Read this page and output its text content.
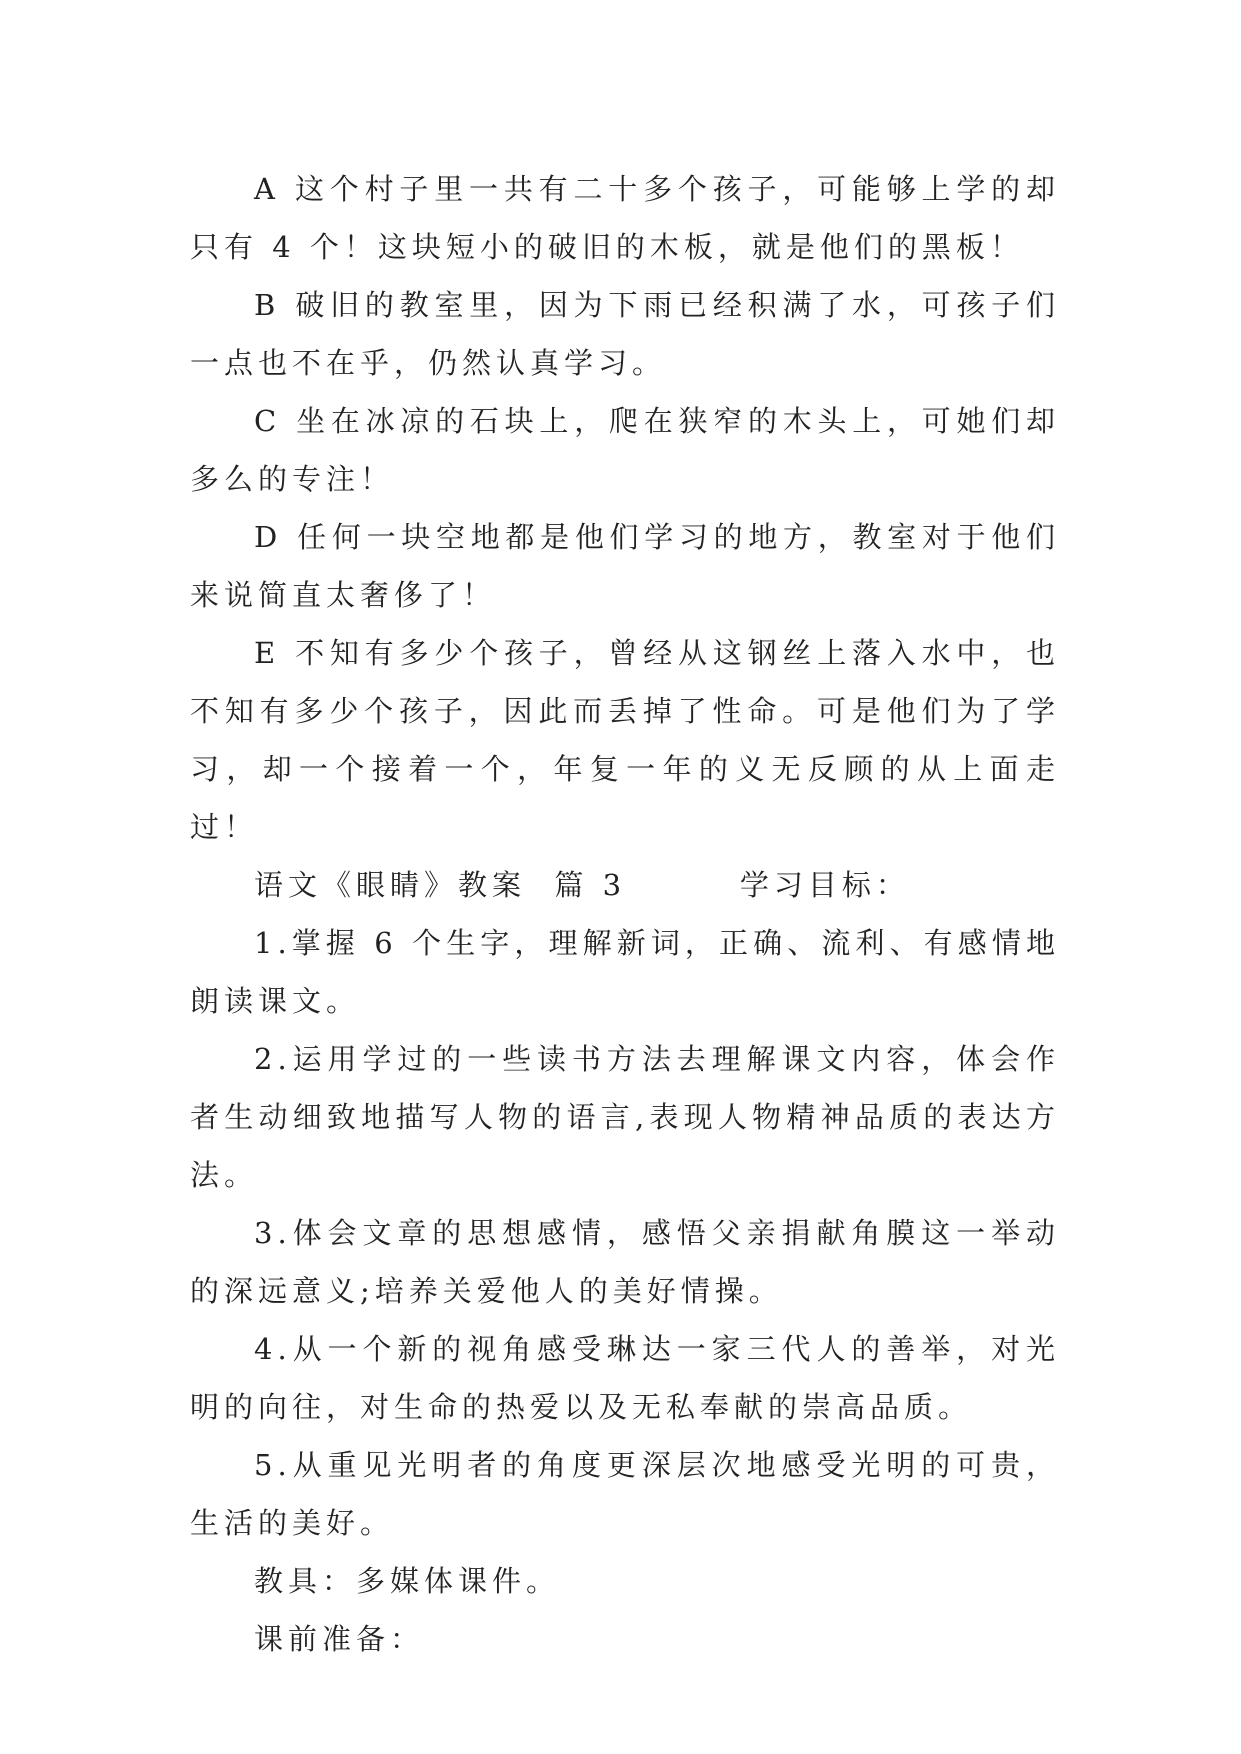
A 这个村子里一共有二十多个孩子，可能够上学的却只有 4 个！这块短小的破旧的木板，就是他们的黑板！

B 破旧的教室里，因为下雨已经积满了水，可孩子们一点也不在乎，仍然认真学习。

C 坐在冰凉的石块上，爬在狭窄的木头上，可她们却多么的专注！

D 任何一块空地都是他们学习的地方，教室对于他们来说简直太奢侈了！

E 不知有多少个孩子，曾经从这钢丝上落入水中，也不知有多少个孩子，因此而丢掉了性命。可是他们为了学习，却一个接着一个，年复一年的义无反顾的从上面走过！

语文《眼睛》教案  篇 3	学习目标：

1.掌握 6 个生字，理解新词，正确、流利、有感情地朗读课文。

2.运用学过的一些读书方法去理解课文内容，体会作者生动细致地描写人物的语言,表现人物精神品质的表达方法。

3.体会文章的思想感情，感悟父亲捐献角膜这一举动的深远意义;培养关爱他人的美好情操。

4.从一个新的视角感受琳达一家三代人的善举，对光明的向往，对生命的热爱以及无私奉献的崇高品质。

5.从重见光明者的角度更深层次地感受光明的可贵，生活的美好。

教具：多媒体课件。

课前准备：
